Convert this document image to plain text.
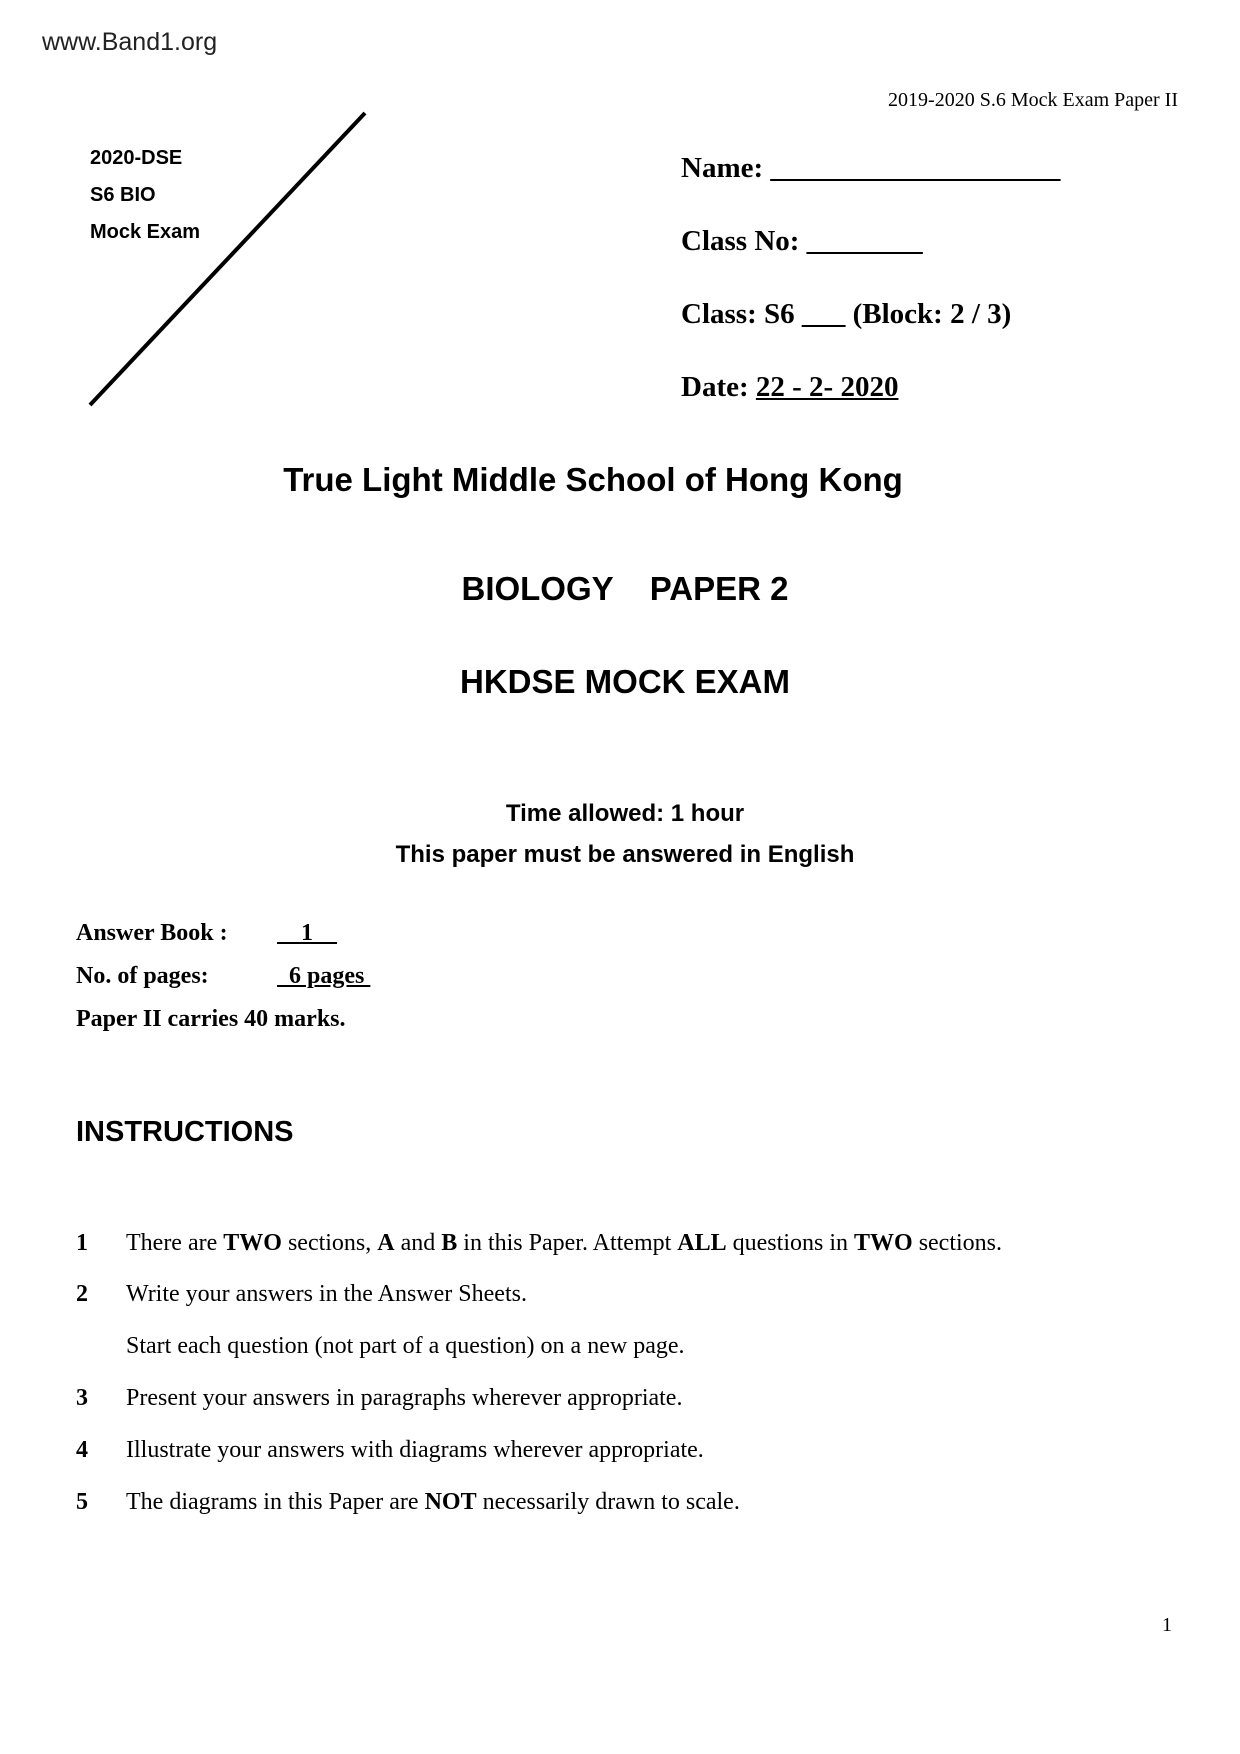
www.Band1.org
2019-2020 S.6 Mock Exam Paper II
2020-DSE
S6 BIO
Mock Exam
Name: ____________________
Class No: ________
Class: S6 ___ (Block: 2 / 3)
Date: 22 - 2- 2020
True Light Middle School of Hong Kong
BIOLOGY    PAPER 2
HKDSE MOCK EXAM
Time allowed: 1 hour
This paper must be answered in English
Answer Book : 1
No. of pages:	6 pages
Paper II carries 40 marks.
INSTRUCTIONS
1 There are TWO sections, A and B in this Paper. Attempt ALL questions in TWO sections.
2 Write your answers in the Answer Sheets.
Start each question (not part of a question) on a new page.
3 Present your answers in paragraphs wherever appropriate.
4 Illustrate your answers with diagrams wherever appropriate.
5 The diagrams in this Paper are NOT necessarily drawn to scale.
1
